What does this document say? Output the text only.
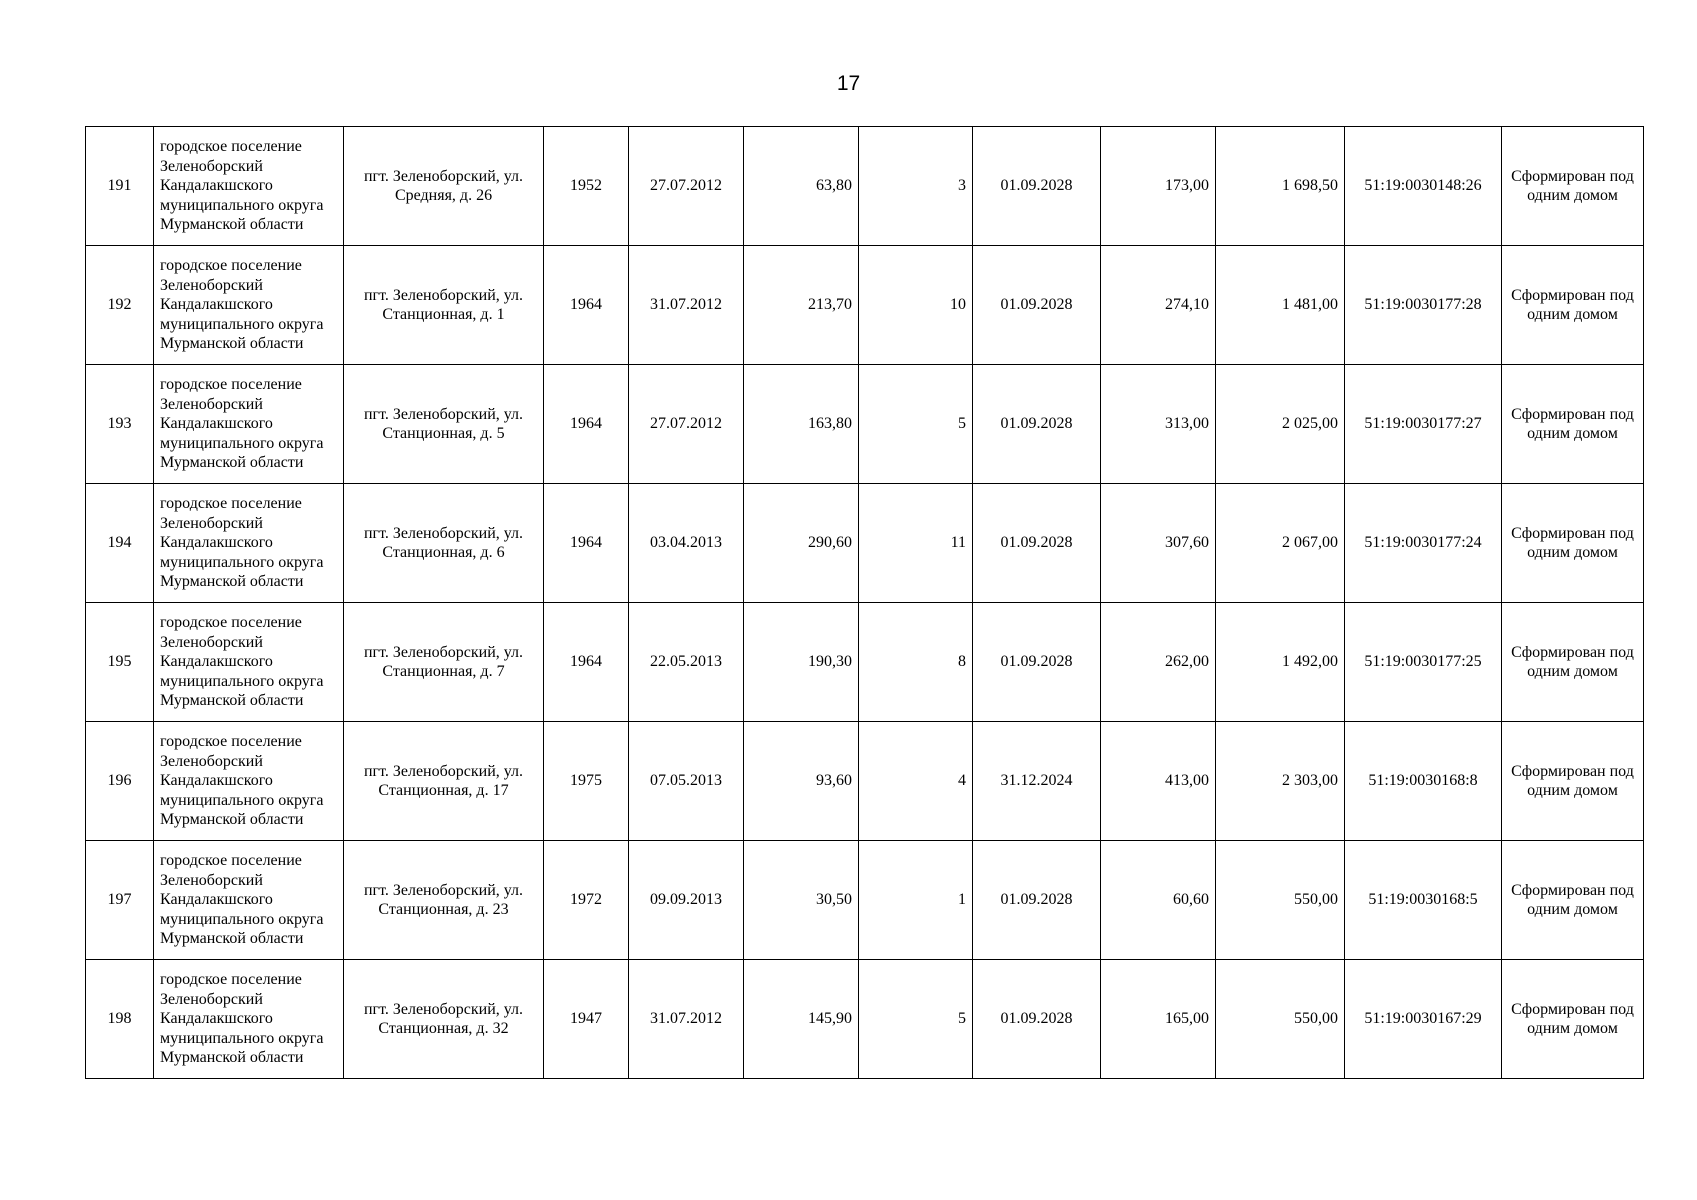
17
191	городское поселение Зеленоборский Кандалакшского муниципального округа Мурманской области	пгт. Зеленоборский, ул. Средняя, д. 26	1952	27.07.2012	63,80	3	01.09.2028	173,00	1 698,50	51:19:0030148:26	Сформирован под одним домом
192	городское поселение Зеленоборский Кандалакшского муниципального округа Мурманской области	пгт. Зеленоборский, ул. Станционная, д. 1	1964	31.07.2012	213,70	10	01.09.2028	274,10	1 481,00	51:19:0030177:28	Сформирован под одним домом
193	городское поселение Зеленоборский Кандалакшского муниципального округа Мурманской области	пгт. Зеленоборский, ул. Станционная, д. 5	1964	27.07.2012	163,80	5	01.09.2028	313,00	2 025,00	51:19:0030177:27	Сформирован под одним домом
194	городское поселение Зеленоборский Кандалакшского муниципального округа Мурманской области	пгт. Зеленоборский, ул. Станционная, д. 6	1964	03.04.2013	290,60	11	01.09.2028	307,60	2 067,00	51:19:0030177:24	Сформирован под одним домом
195	городское поселение Зеленоборский Кандалакшского муниципального округа Мурманской области	пгт. Зеленоборский, ул. Станционная, д. 7	1964	22.05.2013	190,30	8	01.09.2028	262,00	1 492,00	51:19:0030177:25	Сформирован под одним домом
196	городское поселение Зеленоборский Кандалакшского муниципального округа Мурманской области	пгт. Зеленоборский, ул. Станционная, д. 17	1975	07.05.2013	93,60	4	31.12.2024	413,00	2 303,00	51:19:0030168:8	Сформирован под одним домом
197	городское поселение Зеленоборский Кандалакшского муниципального округа Мурманской области	пгт. Зеленоборский, ул. Станционная, д. 23	1972	09.09.2013	30,50	1	01.09.2028	60,60	550,00	51:19:0030168:5	Сформирован под одним домом
198	городское поселение Зеленоборский Кандалакшского муниципального округа Мурманской области	пгт. Зеленоборский, ул. Станционная, д. 32	1947	31.07.2012	145,90	5	01.09.2028	165,00	550,00	51:19:0030167:29	Сформирован под одним домом
